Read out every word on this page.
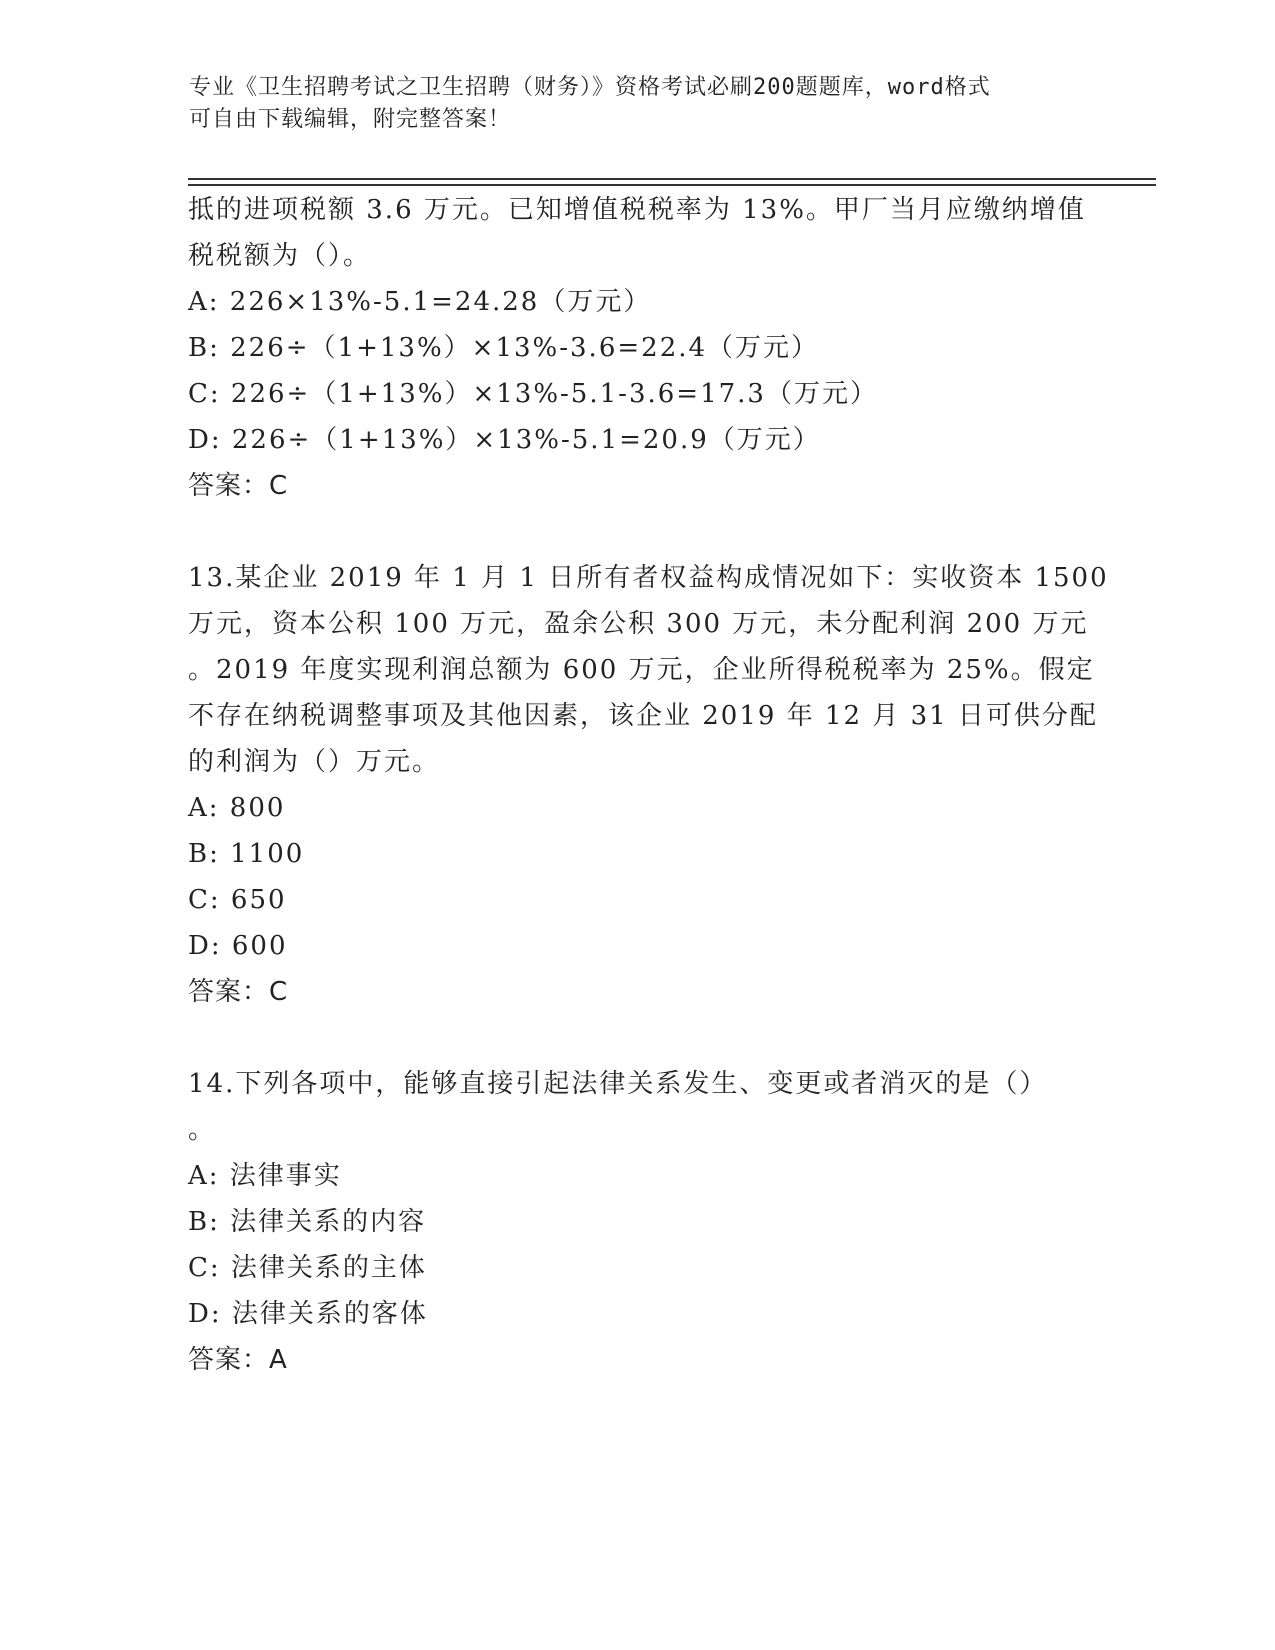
专业《卫生招聘考试之卫生招聘（财务）》资格考试必刷200题题库，word格式
可自由下载编辑，附完整答案！
抵的进项税额 3.6 万元。已知增值税税率为 13%。甲厂当月应缴纳增值
税税额为（）。
A: 226×13%-5.1=24.28（万元）
B: 226÷（1+13%）×13%-3.6=22.4（万元）
C: 226÷（1+13%）×13%-5.1-3.6=17.3（万元）
D: 226÷（1+13%）×13%-5.1=20.9（万元）
答案：C
13.某企业 2019 年 1 月 1 日所有者权益构成情况如下：实收资本 1500
万元，资本公积 100 万元，盈余公积 300 万元，未分配利润 200 万元
。2019 年度实现利润总额为 600 万元，企业所得税税率为 25%。假定
不存在纳税调整事项及其他因素，该企业 2019 年 12 月 31 日可供分配
的利润为（）万元。
A: 800
B: 1100
C: 650
D: 600
答案：C
14.下列各项中，能够直接引起法律关系发生、变更或者消灭的是（）
。
A: 法律事实
B: 法律关系的内容
C: 法律关系的主体
D: 法律关系的客体
答案：A
